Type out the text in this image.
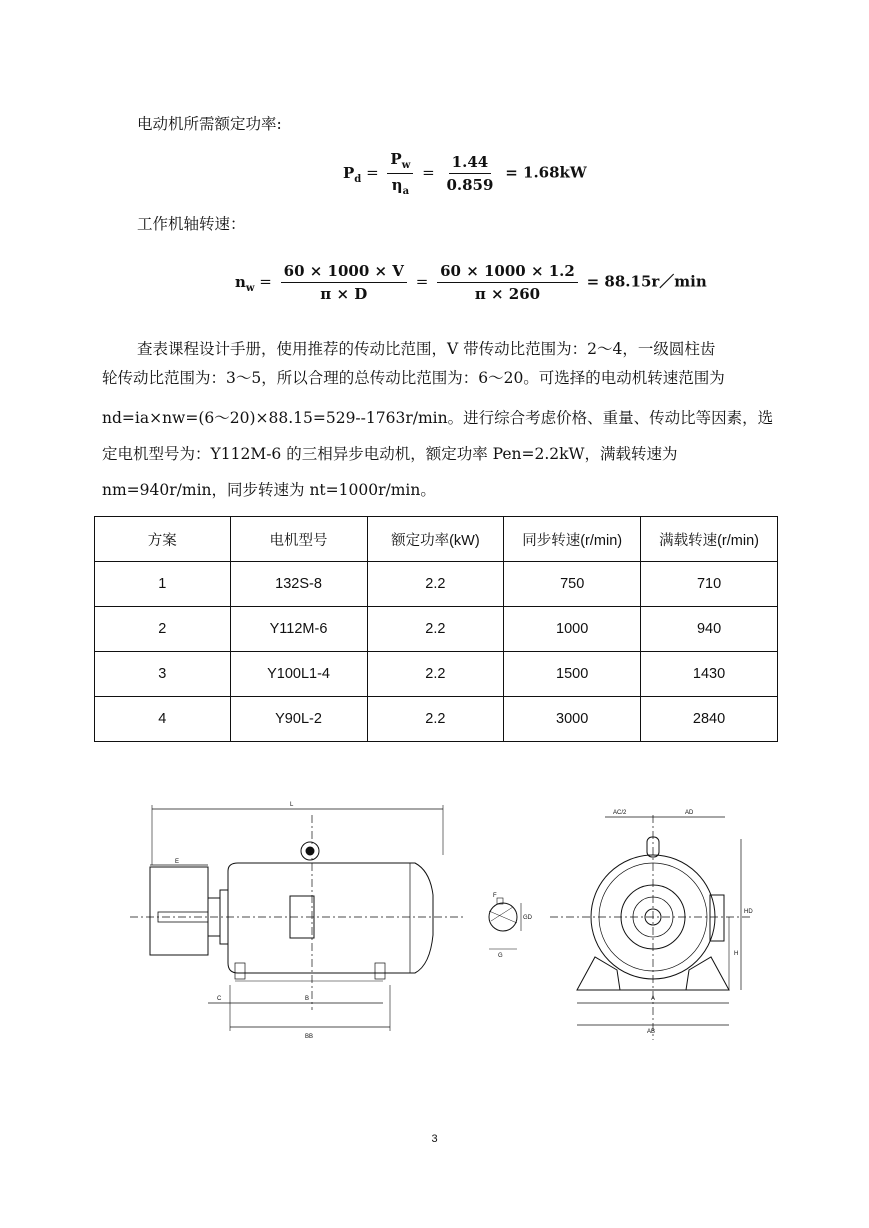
电动机所需额定功率:
$P_d = \frac{P_w}{\eta_a} = \frac{1.44}{0.859} = 1.68kW$
工作机轴转速：
$n_w = \frac{60 \times 1000 \times V}{\pi \times D} = \frac{60 \times 1000 \times 1.2}{\pi \times 260}$ = 88.15r／min
查表课程设计手册，使用推荐的传动比范围，V 带传动比范围为：2～4，一级圆柱齿
轮传动比范围为：3～5，所以合理的总传动比范围为：6～20。可选择的电动机转速范围为
nd=ia×nw=(6～20)×88.15=529--1763r/min。进行综合考虑价格、重量、传动比等因素，选
定电机型号为：Y112M-6 的三相异步电动机，额定功率 Pen=2.2kW，满载转速为
nm=940r/min，同步转速为 nt=1000r/min。
方案	电机型号	额定功率(kW)	同步转速(r/min)	满载转速(r/min)
1	132S-8	2.2	750	710
2	Y112M-6	2.2	1000	940
3	Y100L1-4	2.2	1500	1430
4	Y90L-2	2.2	3000	2840
L
E
C	B
BB
F
GD
G
AC/2	AD
HD
H
A
AB
3
